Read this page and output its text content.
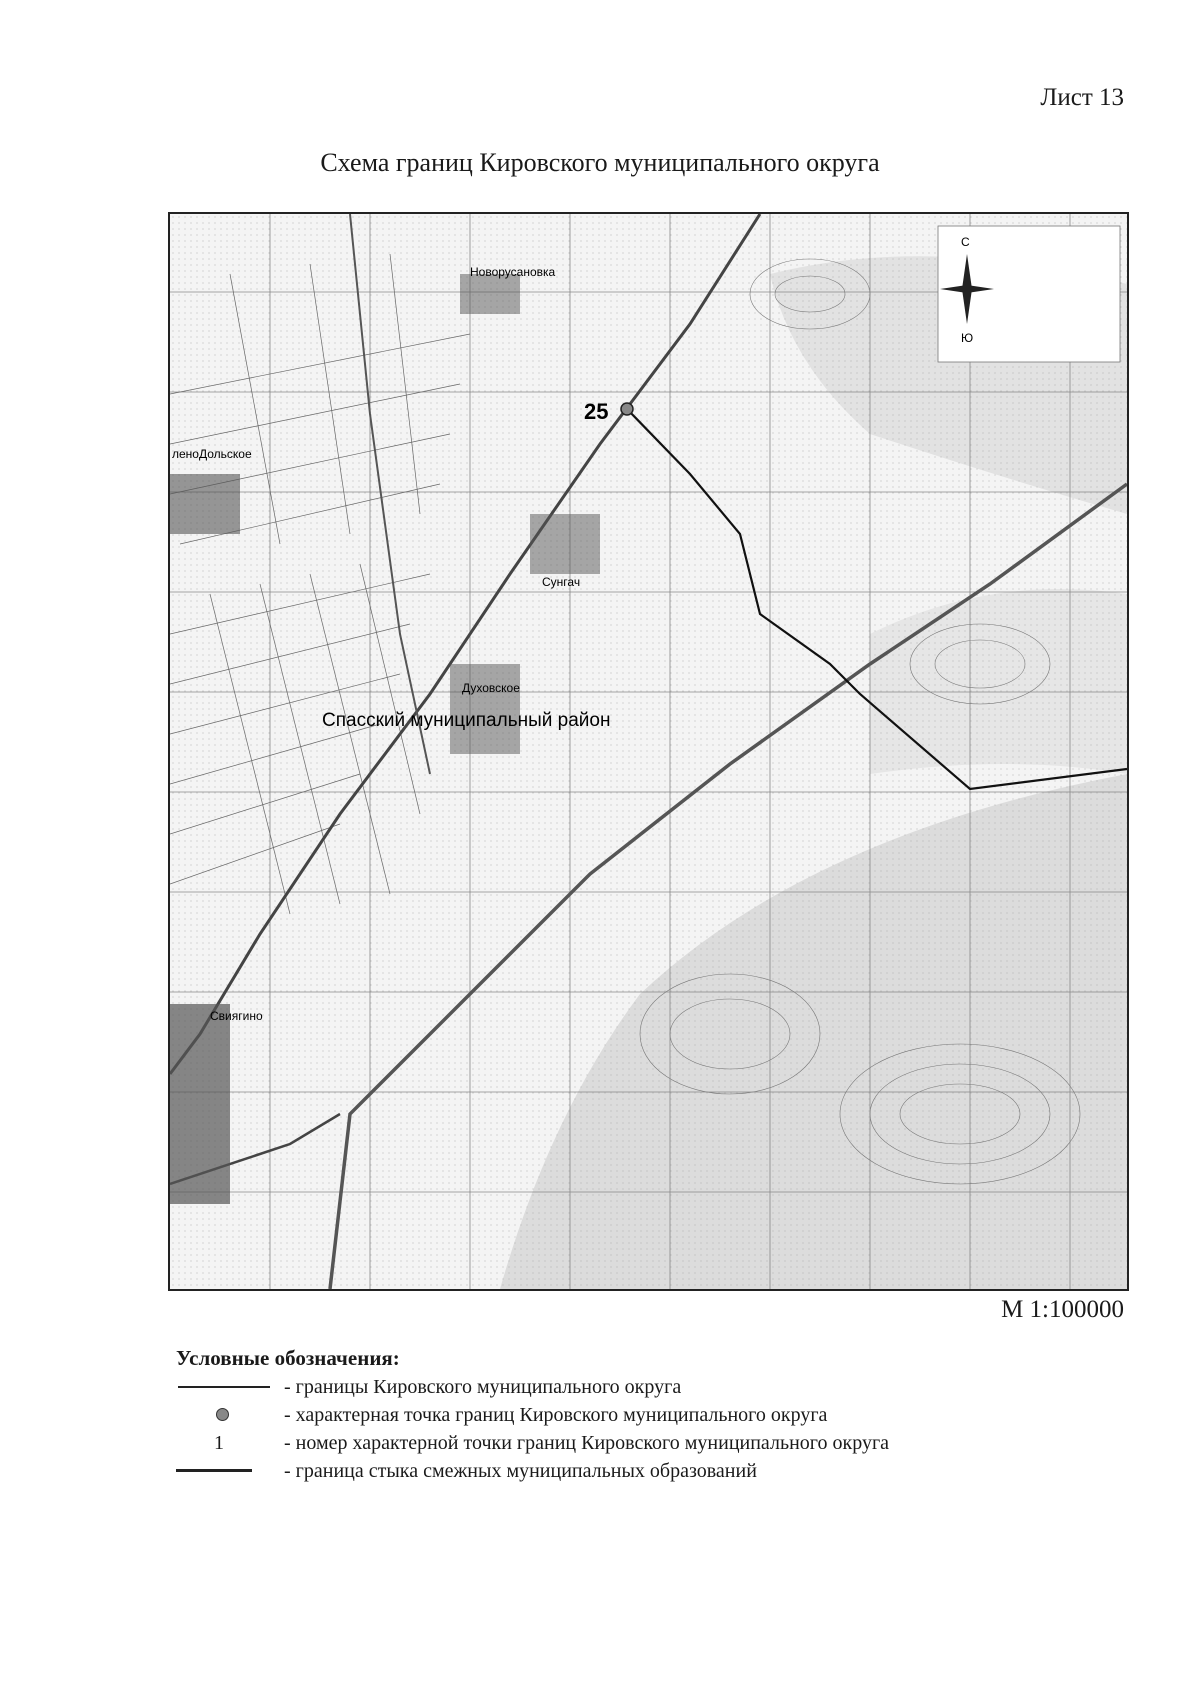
Лист 13
Схема границ Кировского муниципального округа
25
Новорусановка
Сунгач
Духовское
Свиягино
леноДольское
Спасский муниципальный район
С
Ю
М 1:100000
Условные обозначения:
- границы Кировского муниципального округа
- характерная точка границ Кировского муниципального округа
1	- номер характерной точки границ Кировского муниципального округа
- граница стыка смежных муниципальных образований
